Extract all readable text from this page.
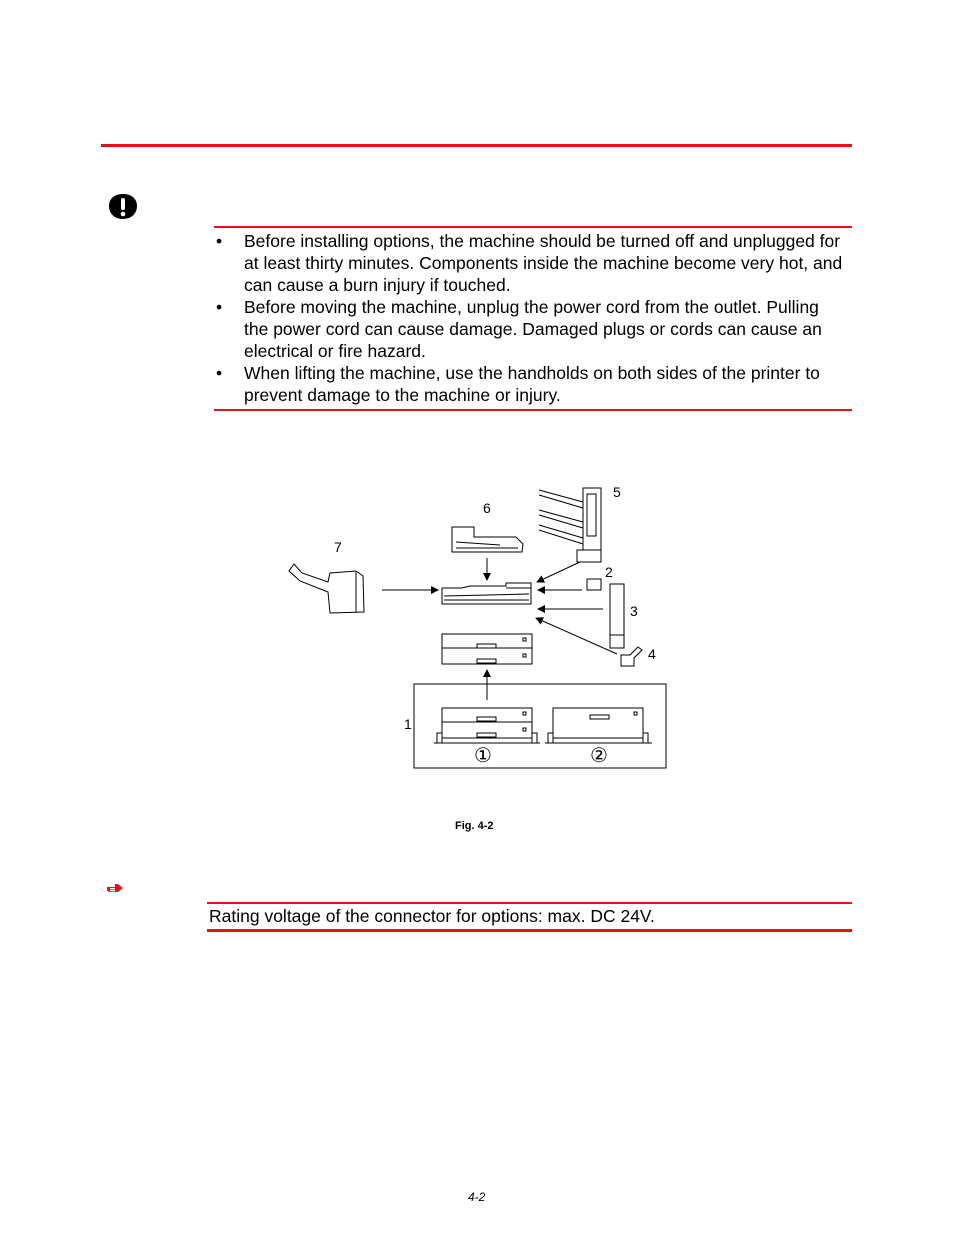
• Before installing options, the machine should be turned off and unplugged for at least thirty minutes. Components inside the machine become very hot, and can cause a burn injury if touched.
• Before moving the machine, unplug the power cord from the outlet. Pulling the power cord can cause damage. Damaged plugs or cords can cause an electrical or fire hazard.
• When lifting the machine, use the handholds on both sides of the printer to prevent damage to the machine or injury.
5
6
7
2
3
4
1
①	②
Fig. 4-2
Rating voltage of the connector for options: max. DC 24V.
4-2
